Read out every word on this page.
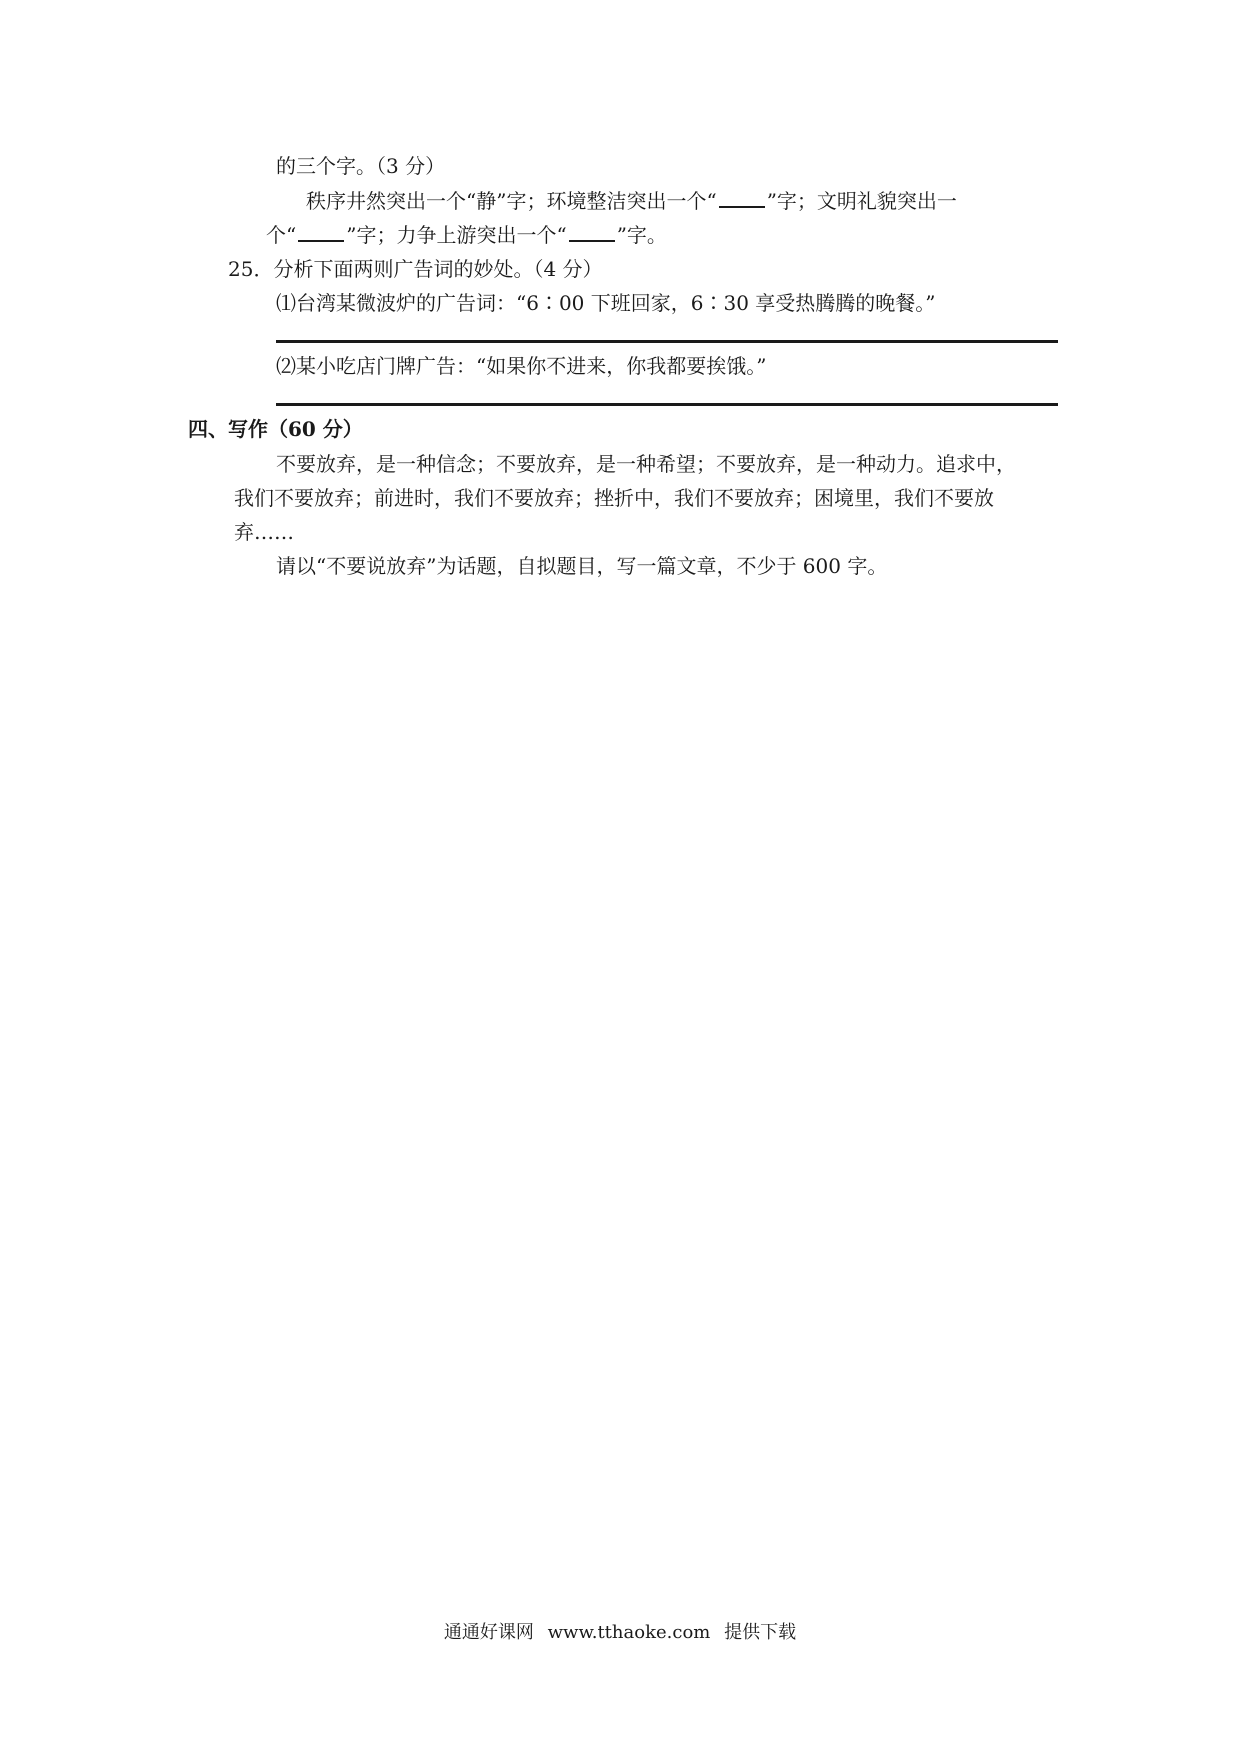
的三个字。（3 分）
秩序井然突出一个“静”字；环境整洁突出一个“	”字；文明礼貌突出一
个“	”字；力争上游突出一个“	”字。
25．分析下面两则广告词的妙处。（4 分）
⑴台湾某微波炉的广告词：“6∶00 下班回家，6∶30 享受热腾腾的晚餐。”
⑵某小吃店门牌广告：“如果你不进来，你我都要挨饿。”
四、写作（60 分）
不要放弃，是一种信念；不要放弃，是一种希望；不要放弃，是一种动力。追求中，
我们不要放弃；前进时，我们不要放弃；挫折中，我们不要放弃；困境里，我们不要放
弃……
请以“不要说放弃”为话题，自拟题目，写一篇文章，不少于 600 字。
通通好课网 www.tthaoke.com 提供下载
